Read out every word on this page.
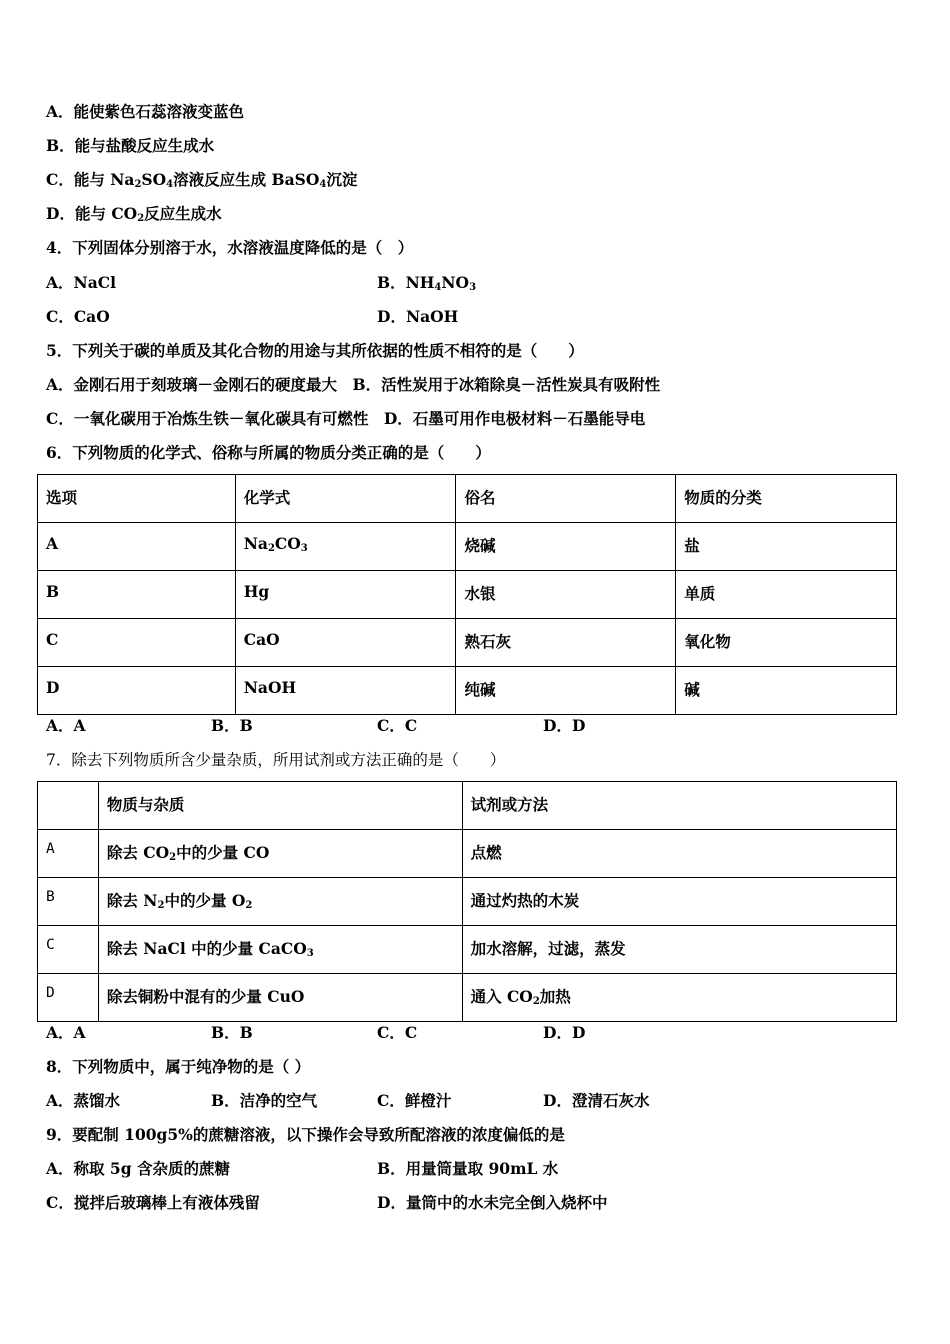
A．能使紫色石蕊溶液变蓝色
B．能与盐酸反应生成水
C．能与 $Na_2SO_4$溶液反应生成 BaSO$_4$沉淀
D．能与 $CO_2$反应生成水
4．下列固体分别溶于水，水溶液温度降低的是（　）
A．NaCl	B．$NH_4NO_3$
C．CaO	D．NaOH
5．下列关于碳的单质及其化合物的用途与其所依据的性质不相符的是（　　）
A．金刚石用于刻玻璃－金刚石的硬度最大　B．活性炭用于冰箱除臭－活性炭具有吸附性
C．一氧化碳用于冶炼生铁－氧化碳具有可燃性　D．石墨可用作电极材料－石墨能导电
6．下列物质的化学式、俗称与所属的物质分类正确的是（　　）
选项	化学式	俗名	物质的分类
A	$Na_2CO_3$	烧碱	盐
B	Hg	水银	单质
C	CaO	熟石灰	氧化物
D	NaOH	纯碱	碱
A．A	B．B	C．C	D．D
7．除去下列物质所含少量杂质，所用试剂或方法正确的是（　　）
	物质与杂质	试剂或方法
A	除去 $CO_2$中的少量 CO	点燃
B	除去 $N_2$中的少量 $O_2$	通过灼热的木炭
C	除去 NaCl 中的少量 CaCO$_3$	加水溶解，过滤，蒸发
D	除去铜粉中混有的少量 CuO	通入 $CO_2$加热
A．A	B．B	C．C	D．D
8．下列物质中，属于纯净物的是（ ）
A．蒸馏水	B．洁净的空气	C．鲜橙汁	D．澄清石灰水
9．要配制 100g5%的蔗糖溶液，以下操作会导致所配溶液的浓度偏低的是
A．称取 5g 含杂质的蔗糖	B．用量筒量取 90mL 水
C．搅拌后玻璃棒上有液体残留	D．量筒中的水未完全倒入烧杯中
